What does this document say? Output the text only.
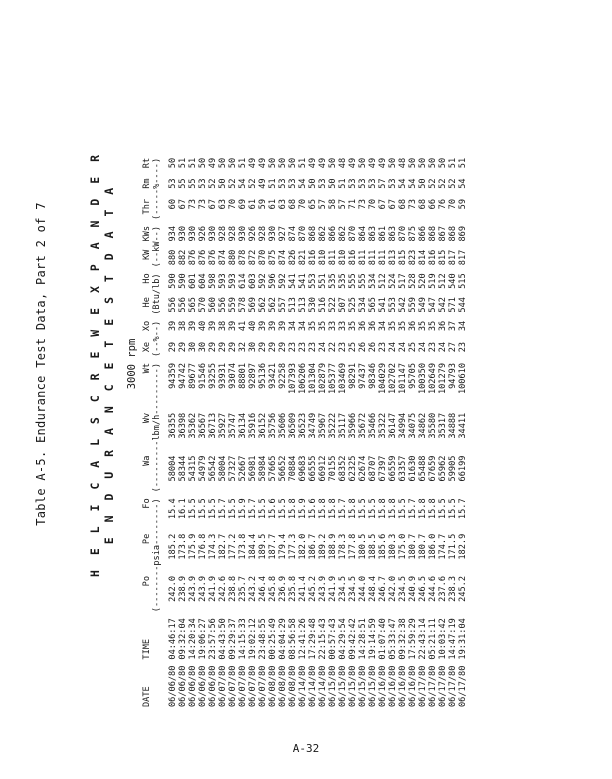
Table A-5. Endurance Test Data, Part 2 of 7	H E L I C A L S C R E W E X P A N D E R E N D U R A N C E T E S T D A T A 3000 rpm
DATE	TIME	Po	Pe	Fo	Wa	Wv	Wt	Xe	Xo	He	Ho	KW	KWs	Thr	Rm	Rt
		(--------psia--------)			(---------lbm/h---------)			(--%--)		(Btu/lb)		(--kW--)		(-----%----)		
06/06/80	04:46:17	242.0	185.2	15.4	58004	36355	94359	29	39	556	590	880	934	60	53	50
06/06/80	09:32:04	238.9	173.8	16.1	58344	36398	94742	29	38	556	590	882	930	67	55	51
06/06/80	14:20:34	243.9	175.9	15.5	54315	35362	89677	30	39	565	601	876	930	73	55	51
06/06/80	19:06:27	243.9	176.8	15.5	54979	36567	91546	30	40	570	604	876	926	73	53	50
06/06/80	23:57:56	241.9	174.3	15.5	56542	36713	93255	29	39	560	598	876	930	67	52	49
06/07/80	04:43:50	242.6	182.7	15.7	58004	35927	93931	29	38	556	593	874	928	63	50	50
06/07/80	09:29:37	238.8	177.2	15.5	57327	35747	93074	29	39	559	593	880	928	70	52	50
06/07/80	14:15:33	235.7	173.8	15.9	52667	36134	88801	32	41	578	614	878	930	69	54	51
06/07/80	19:02:12	243.2	184.4	15.7	56981	35916	92897	30	40	569	603	872	926	61	52	49
06/07/80	23:48:55	246.4	189.5	15.5	58984	36152	95136	29	39	562	592	870	928	59	49	49
06/08/80	00:25:49	245.8	187.7	15.6	57665	35756	93421	29	39	562	596	875	930	61	51	50
06/08/80	04:04:29	236.9	179.4	15.5	56652	35606	92258	29	39	557	592	874	927	63	53	50
06/08/80	08:56:58	235.8	177.3	15.8	70884	36509	107393	23	34	513	541	826	874	68	53	50
06/14/80	12:41:26	241.4	182.0	15.9	69683	36523	106206	23	34	513	541	821	870	70	54	51
06/14/80	17:29:48	245.2	186.7	15.6	66555	34749	101304	23	35	530	553	816	868	65	50	49
06/14/80	22:15:43	243.9	189.2	15.8	66912	35967	102879	24	35	516	551	810	862	57	53	49
06/15/80	00:57:43	241.9	188.9	15.8	70155	35222	105377	22	33	522	535	811	866	58	50	50
06/15/80	04:29:54	234.5	178.3	15.7	68352	35117	103469	23	33	507	535	810	862	57	51	48
06/15/80	09:42:42	234.5	177.8	15.8	62325	35966	98291	25	35	525	555	816	870	71	53	49
06/15/80	14:28:51	244.0	180.5	15.5	62674	35672	97437	26	36	534	555	811	864	73	53	50
06/15/80	19:14:59	248.4	188.5	15.5	68707	35466	98346	26	36	565	534	811	863	70	53	49
06/16/80	01:07:40	246.7	185.6	15.8	67397	35322	104029	23	34	541	512	811	861	67	57	49
06/16/80	05:33:47	242.0	180.3	15.8	66559	36147	102702	24	35	553	524	813	863	67	53	50
06/16/80	09:32:38	234.5	175.0	15.5	63357	34994	101147	24	35	542	517	815	870	68	54	48
06/16/80	17:59:29	240.9	180.7	15.7	61630	34075	95705	25	36	559	528	823	875	73	54	50
06/17/80	22:43:14	246.5	180.7	15.8	65488	34862	100350	24	35	549	520	814	866	68	50	50
06/17/80	05:21:11	244.6	186.0	15.8	67659	35580	102649	23	35	547	519	816	868	66	52	50
06/17/80	10:03:42	237.6	174.7	15.5	65962	35317	101279	24	36	542	512	815	867	76	52	50
06/17/80	14:47:19	238.3	171.5	15.5	59905	34888	94793	27	37	571	540	817	868	70	52	51
06/17/80	19:31:04	245.2	182.9	15.7	66199	34411	100610	23	34	544	515	817	869	59	54	51
A-32
